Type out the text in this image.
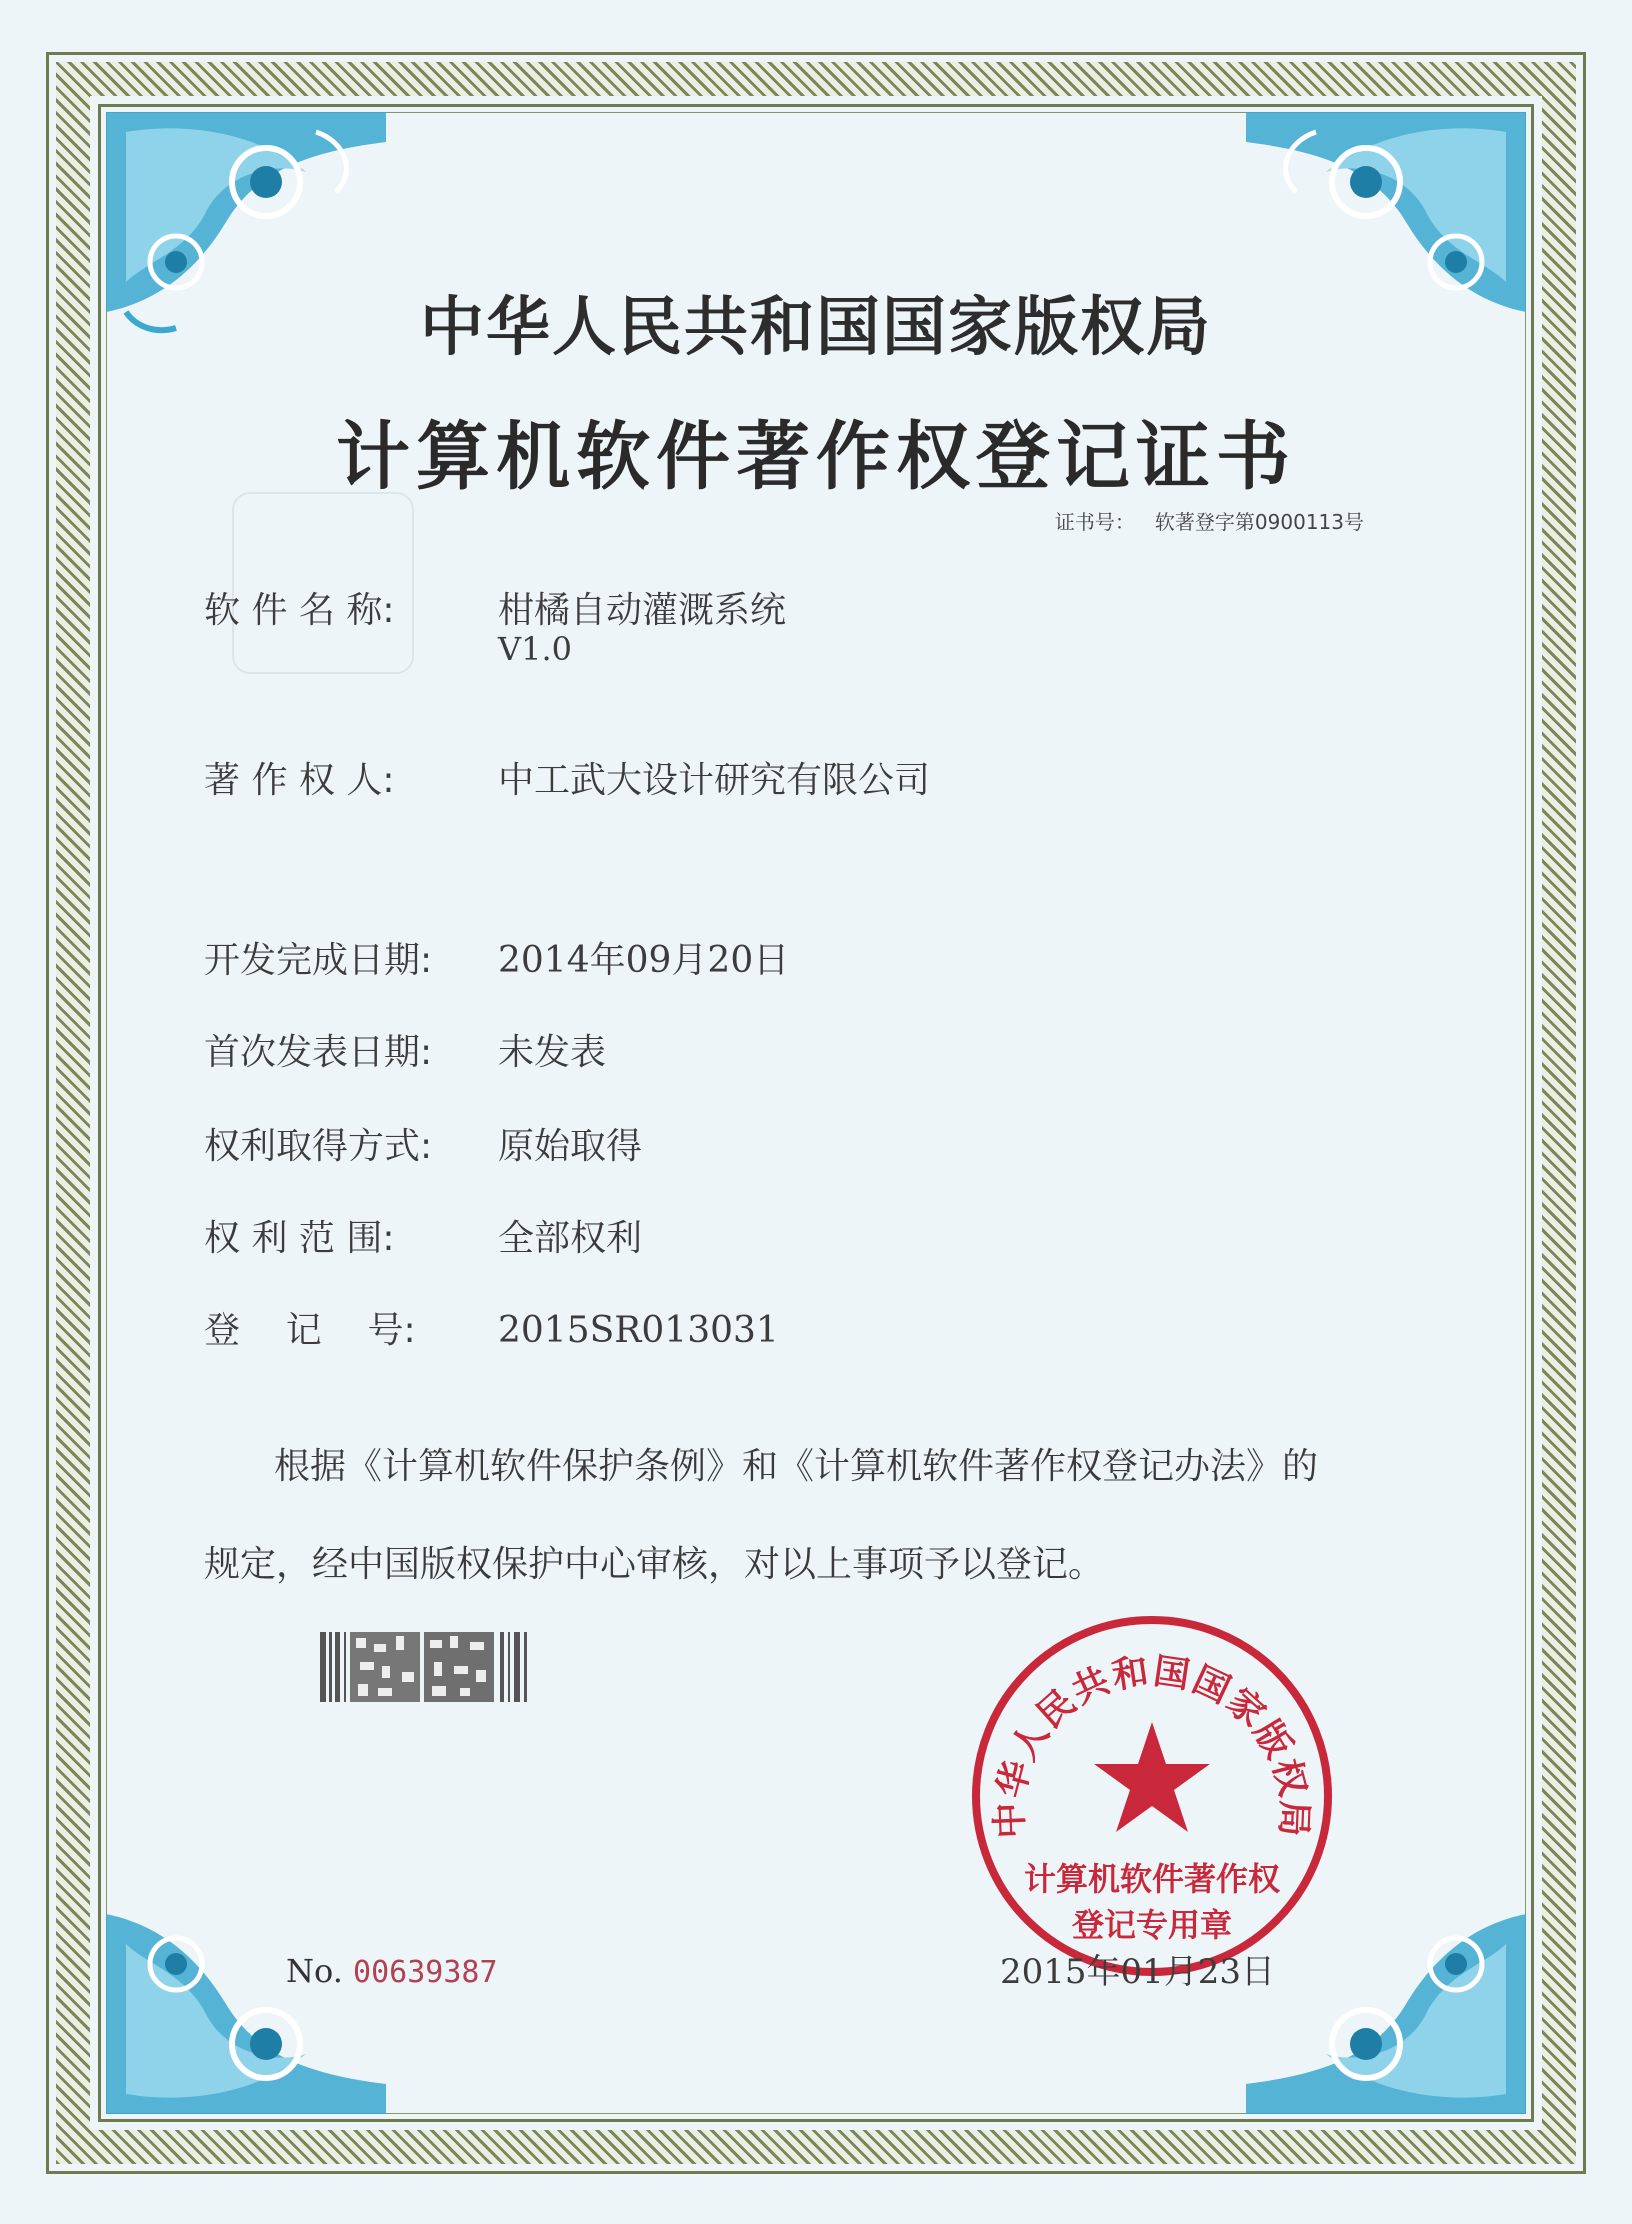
中华人民共和国国家版权局
计算机软件著作权登记证书
证书号： 软著登字第0900113号
软 件 名 称:	柑橘自动灌溉系统
V1.0
著 作 权 人:	中工武大设计研究有限公司
开发完成日期: 2014年09月20日
首次发表日期: 未发表
权利取得方式: 原始取得
权 利 范 围:	全部权利
登    记    号: 2015SR013031
根据《计算机软件保护条例》和《计算机软件著作权登记办法》的
规定，经中国版权保护中心审核，对以上事项予以登记。
中华人民共和国国家版权局
计算机软件著作权
登记专用章
No. 00639387	2015年01月23日
